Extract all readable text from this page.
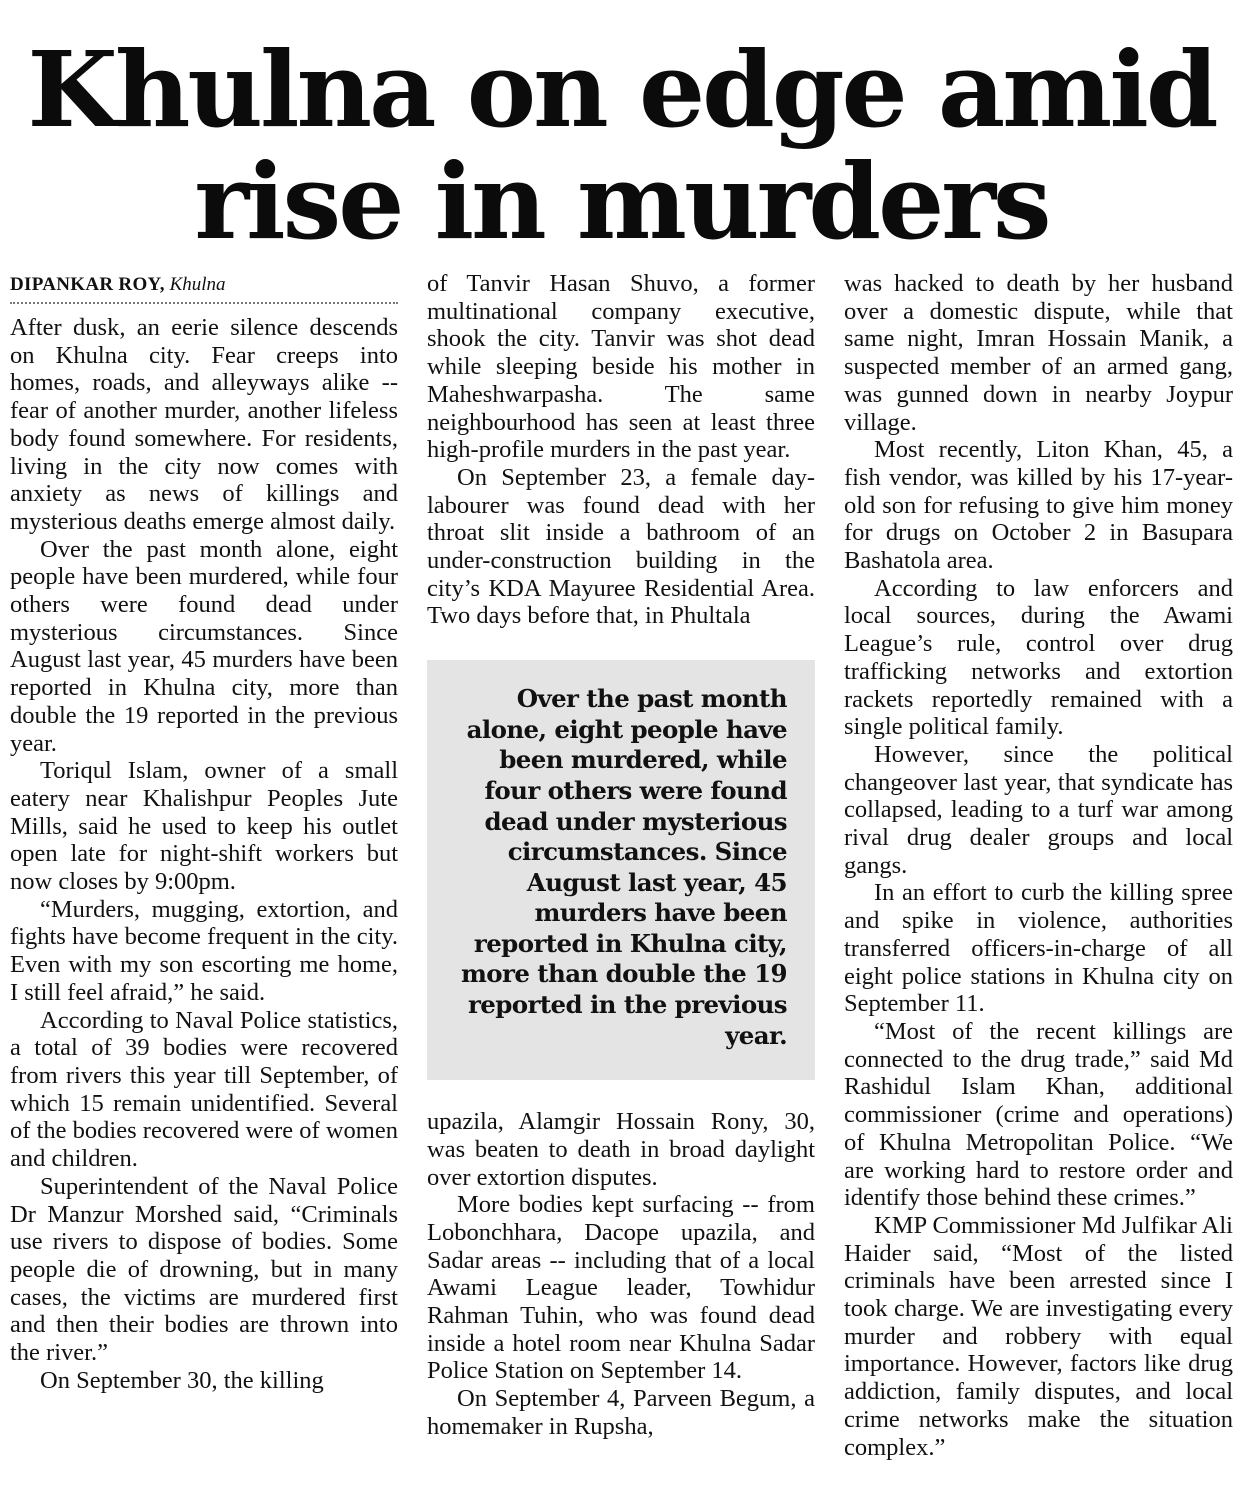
Khulna on edge amid
rise in murders
DIPANKAR ROY, Khulna

After dusk, an eerie silence descends on Khulna city. Fear creeps into homes, roads, and alleyways alike -- fear of another murder, another lifeless body found somewhere. For residents, living in the city now comes with anxiety as news of killings and mysterious deaths emerge almost daily.

Over the past month alone, eight people have been murdered, while four others were found dead under mysterious circumstances. Since August last year, 45 murders have been reported in Khulna city, more than double the 19 reported in the previous year.

Toriqul Islam, owner of a small eatery near Khalishpur Peoples Jute Mills, said he used to keep his outlet open late for night-shift workers but now closes by 9:00pm.

“Murders, mugging, extortion, and fights have become frequent in the city. Even with my son escorting me home, I still feel afraid,” he said.

According to Naval Police statistics, a total of 39 bodies were recovered from rivers this year till September, of which 15 remain unidentified. Several of the bodies recovered were of women and children.

Superintendent of the Naval Police Dr Manzur Morshed said, “Criminals use rivers to dispose of bodies. Some people die of drowning, but in many cases, the victims are murdered first and then their bodies are thrown into the river.”

On September 30, the killing

of Tanvir Hasan Shuvo, a former multinational company executive, shook the city. Tanvir was shot dead while sleeping beside his mother in Maheshwarpasha. The same neighbourhood has seen at least three high-profile murders in the past year.

On September 23, a female day-labourer was found dead with her throat slit inside a bathroom of an under-construction building in the city’s KDA Mayuree Residential Area. Two days before that, in Phultala

Over the past month alone, eight people have been murdered, while four others were found dead under mysterious circumstances. Since August last year, 45 murders have been reported in Khulna city, more than double the 19 reported in the previous year.

upazila, Alamgir Hossain Rony, 30, was beaten to death in broad daylight over extortion disputes.

More bodies kept surfacing -- from Lobonchhara, Dacope upazila, and Sadar areas -- including that of a local Awami League leader, Towhidur Rahman Tuhin, who was found dead inside a hotel room near Khulna Sadar Police Station on September 14.

On September 4, Parveen Begum, a homemaker in Rupsha,

was hacked to death by her husband over a domestic dispute, while that same night, Imran Hossain Manik, a suspected member of an armed gang, was gunned down in nearby Joypur village.

Most recently, Liton Khan, 45, a fish vendor, was killed by his 17-year-old son for refusing to give him money for drugs on October 2 in Basupara Bashatola area.

According to law enforcers and local sources, during the Awami League’s rule, control over drug trafficking networks and extortion rackets reportedly remained with a single political family.

However, since the political changeover last year, that syndicate has collapsed, leading to a turf war among rival drug dealer groups and local gangs.

In an effort to curb the killing spree and spike in violence, authorities transferred officers-in-charge of all eight police stations in Khulna city on September 11.

“Most of the recent killings are connected to the drug trade,” said Md Rashidul Islam Khan, additional commissioner (crime and operations) of Khulna Metropolitan Police. “We are working hard to restore order and identify those behind these crimes.”

KMP Commissioner Md Julfikar Ali Haider said, “Most of the listed criminals have been arrested since I took charge. We are investigating every murder and robbery with equal importance. However, factors like drug addiction, family disputes, and local crime networks make the situation complex.”
